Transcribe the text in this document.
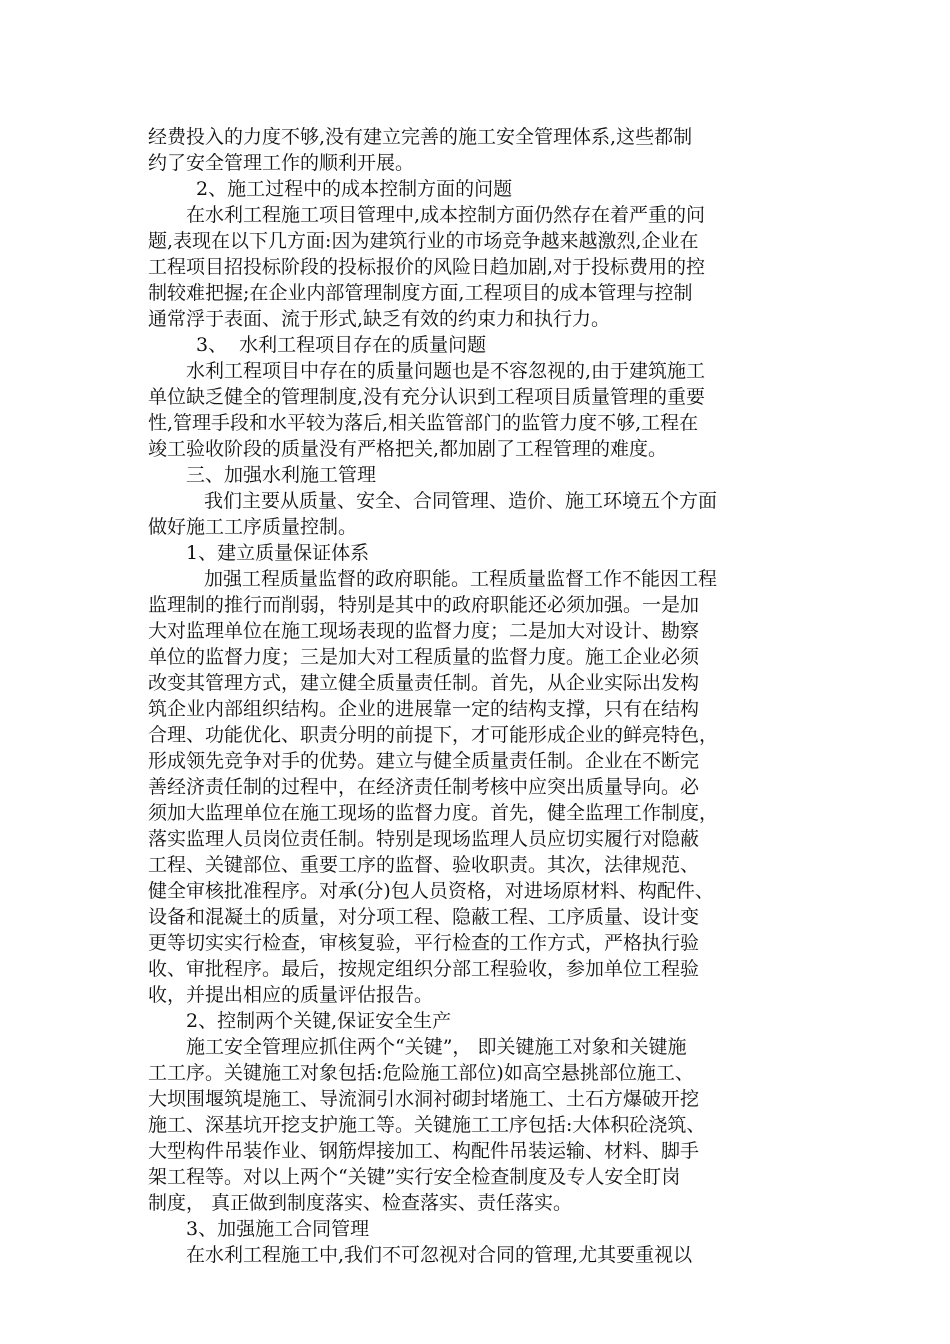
经费投入的力度不够,没有建立完善的施工安全管理体系,这些都制
约了安全管理工作的顺利开展。
2、施工过程中的成本控制方面的问题
在水利工程施工项目管理中,成本控制方面仍然存在着严重的问
题,表现在以下几方面:因为建筑行业的市场竞争越来越激烈,企业在
工程项目招投标阶段的投标报价的风险日趋加剧,对于投标费用的控
制较难把握;在企业内部管理制度方面,工程项目的成本管理与控制
通常浮于表面、流于形式,缺乏有效的约束力和执行力。
3、  水利工程项目存在的质量问题
水利工程项目中存在的质量问题也是不容忽视的,由于建筑施工
单位缺乏健全的管理制度,没有充分认识到工程项目质量管理的重要
性,管理手段和水平较为落后,相关监管部门的监管力度不够,工程在
竣工验收阶段的质量没有严格把关,都加剧了工程管理的难度。
三、加强水利施工管理
我们主要从质量、安全、合同管理、造价、施工环境五个方面
做好施工工序质量控制。
1、建立质量保证体系
加强工程质量监督的政府职能。工程质量监督工作不能因工程
监理制的推行而削弱，特别是其中的政府职能还必须加强。一是加
大对监理单位在施工现场表现的监督力度；二是加大对设计、勘察
单位的监督力度；三是加大对工程质量的监督力度。施工企业必须
改变其管理方式，建立健全质量责任制。首先，从企业实际出发构
筑企业内部组织结构。企业的进展靠一定的结构支撑，只有在结构
合理、功能优化、职责分明的前提下，才可能形成企业的鲜亮特色，
形成领先竞争对手的优势。建立与健全质量责任制。企业在不断完
善经济责任制的过程中，在经济责任制考核中应突出质量导向。必
须加大监理单位在施工现场的监督力度。首先，健全监理工作制度，
落实监理人员岗位责任制。特别是现场监理人员应切实履行对隐蔽
工程、关键部位、重要工序的监督、验收职责。其次，法律规范、
健全审核批准程序。对承(分)包人员资格，对进场原材料、构配件、
设备和混凝土的质量，对分项工程、隐蔽工程、工序质量、设计变
更等切实实行检查，审核复验，平行检查的工作方式，严格执行验
收、审批程序。最后，按规定组织分部工程验收，参加单位工程验
收，并提出相应的质量评估报告。
2、控制两个关键,保证安全生产
施工安全管理应抓住两个“关键”， 即关键施工对象和关键施
工工序。关键施工对象包括:危险施工部位)如高空悬挑部位施工、
大坝围堰筑堤施工、导流洞引水洞衬砌封堵施工、土石方爆破开挖
施工、深基坑开挖支护施工等。关键施工工序包括:大体积砼浇筑、
大型构件吊装作业、钢筋焊接加工、构配件吊装运输、材料、脚手
架工程等。对以上两个“关键”实行安全检查制度及专人安全盯岗
制度， 真正做到制度落实、检查落实、责任落实。
3、加强施工合同管理
在水利工程施工中,我们不可忽视对合同的管理,尤其要重视以
